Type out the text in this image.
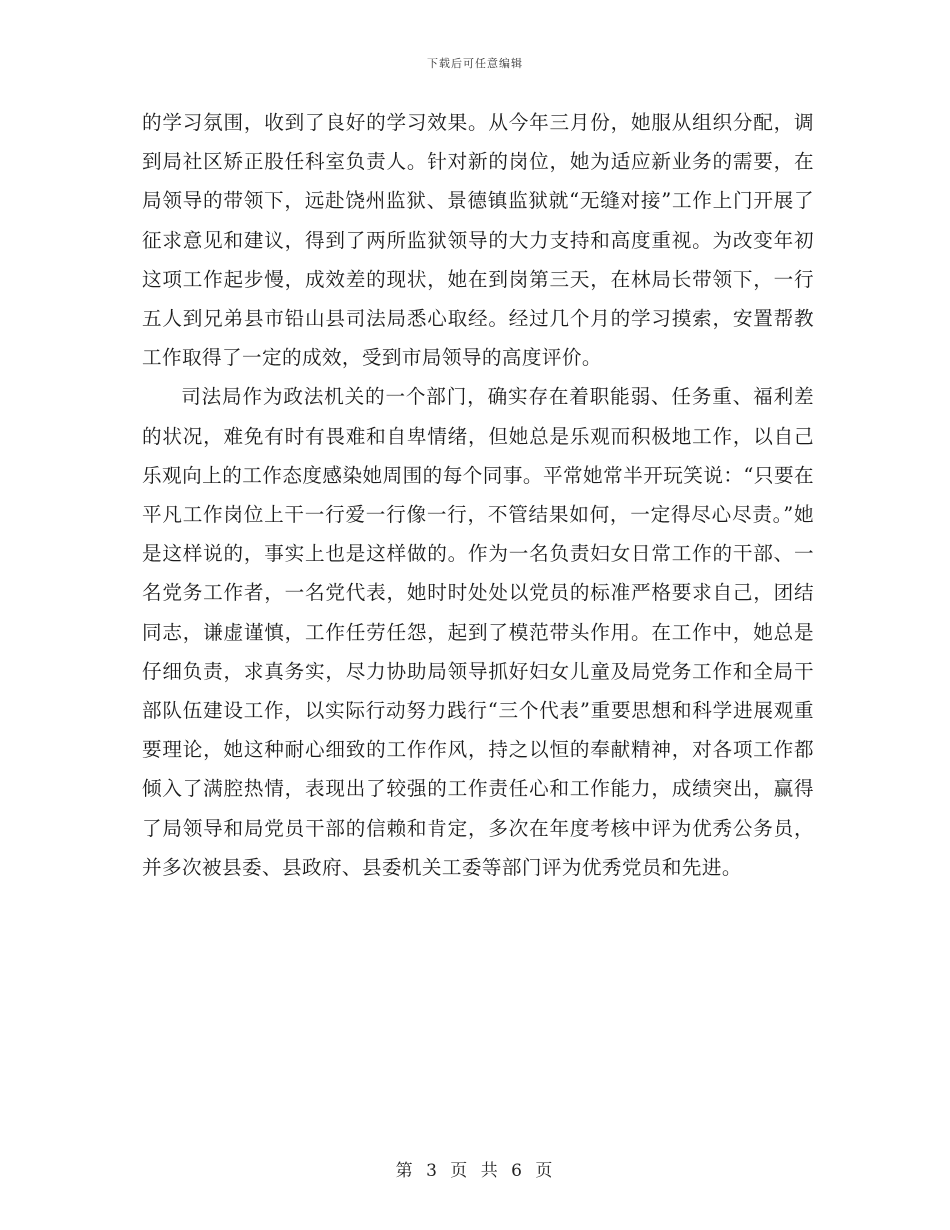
下载后可任意编辑

的学习氛围，收到了良好的学习效果。从今年三月份，她服从组织分配，调到局社区矫正股任科室负责人。针对新的岗位，她为适应新业务的需要，在局领导的带领下，远赴饶州监狱、景德镇监狱就“无缝对接”工作上门开展了征求意见和建议，得到了两所监狱领导的大力支持和高度重视。为改变年初这项工作起步慢，成效差的现状，她在到岗第三天，在林局长带领下，一行五人到兄弟县市铅山县司法局悉心取经。经过几个月的学习摸索，安置帮教工作取得了一定的成效，受到市局领导的高度评价。

司法局作为政法机关的一个部门，确实存在着职能弱、任务重、福利差的状况，难免有时有畏难和自卑情绪，但她总是乐观而积极地工作，以自己乐观向上的工作态度感染她周围的每个同事。平常她常半开玩笑说：“只要在平凡工作岗位上干一行爱一行像一行，不管结果如何，一定得尽心尽责。”她是这样说的，事实上也是这样做的。作为一名负责妇女日常工作的干部、一名党务工作者，一名党代表，她时时处处以党员的标准严格要求自己，团结同志，谦虚谨慎，工作任劳任怨，起到了模范带头作用。在工作中，她总是仔细负责，求真务实，尽力协助局领导抓好妇女儿童及局党务工作和全局干部队伍建设工作，以实际行动努力践行“三个代表”重要思想和科学进展观重要理论，她这种耐心细致的工作作风，持之以恒的奉献精神，对各项工作都倾入了满腔热情，表现出了较强的工作责任心和工作能力，成绩突出，赢得了局领导和局党员干部的信赖和肯定，多次在年度考核中评为优秀公务员，并多次被县委、县政府、县委机关工委等部门评为优秀党员和先进。

第 3 页 共 6 页
